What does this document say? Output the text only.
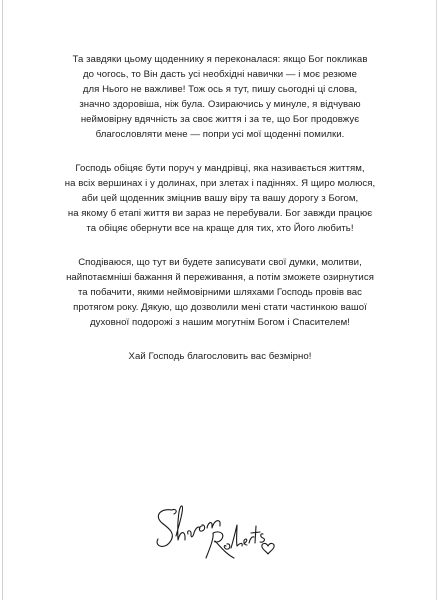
Та завдяки цьому щоденнику я переконалася: якщо Бог покликав
до чогось, то Він дасть усі необхідні навички — і моє резюме
для Нього не важливе! Тож ось я тут, пишу сьогодні ці слова,
значно здоровіша, ніж була. Озираючись у минуле, я відчуваю
неймовірну вдячність за своє життя і за те, що Бог продовжує
благословляти мене — попри усі мої щоденні помилки.
Господь обіцяє бути поруч у мандрівці, яка називається життям,
на всіх вершинах і у долинах, при злетах і падіннях. Я щиро молюся,
аби цей щоденник зміцнив вашу віру та вашу дорогу з Богом,
на якому б етапі життя ви зараз не перебували. Бог завжди працює
та обіцяє обернути все на краще для тих, хто Його любить!
Сподіваюся, що тут ви будете записувати свої думки, молитви,
найпотаємніші бажання й переживання, а потім зможете озирнутися
та побачити, якими неймовірними шляхами Господь провів вас
протягом року. Дякую, що дозволили мені стати частинкою вашої
духовної подорожі з нашим могутнім Богом і Спасителем!
Хай Господь благословить вас безмірно!
